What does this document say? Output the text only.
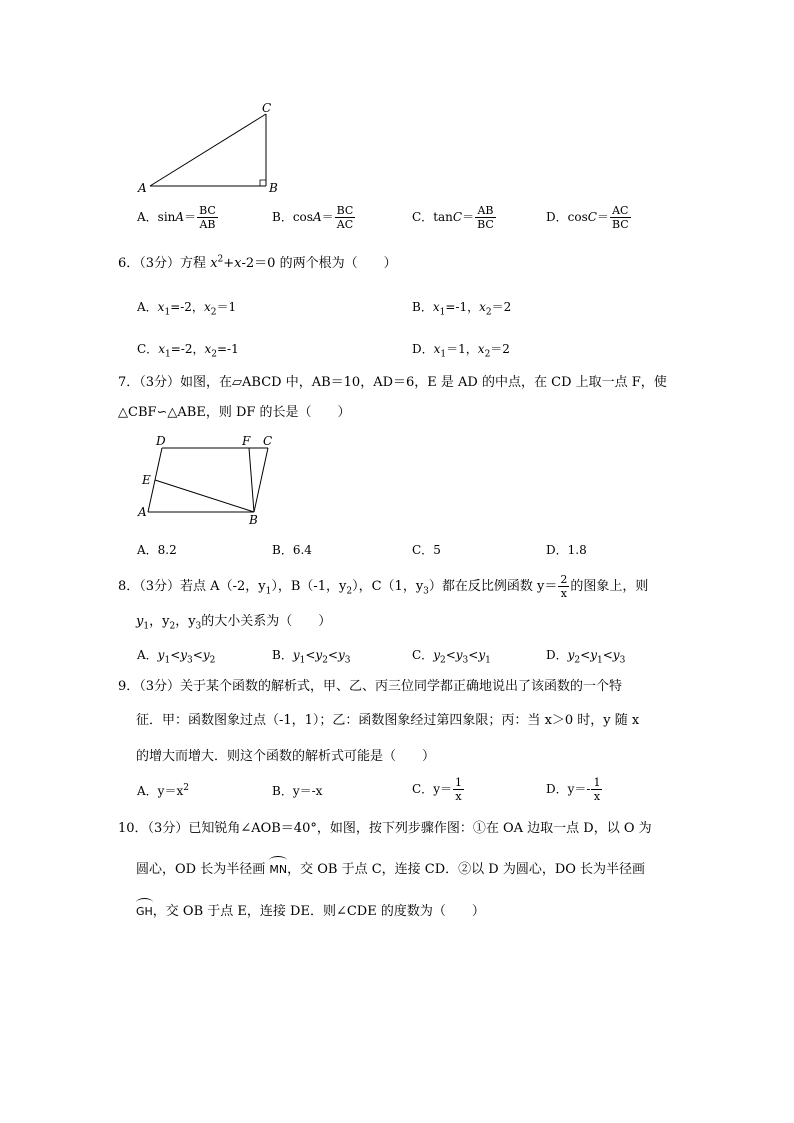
C
A	B
A．$\sin A= \frac{BC}{AB}$	B．$\cos A= \frac{BC}{AC}$	C．$\tan C= \frac{AB}{BC}$	D．$\cos C= \frac{AC}{BC}$
6．（3分）方程 $x^2+x-2=0$ 的两个根为（　　）
A．$x_1=-2$，$x_2=1$	B．$x_1=-1$，$x_2=2$
C．$x_1=-2$，$x_2=-1$	D．$x_1=1$，$x_2=2$
7．（3分）如图，在▱ABCD 中，AB＝10，AD＝6，E 是 AD 的中点，在 CD 上取一点 F，使
△CBF∽△ABE，则 DF 的长是（　　）
D	F C
E
A
B
A．8.2	B．6.4	C．5	D．1.8
8．（3分）若点 A（-2，$y_1$），B（-1，$y_2$），C（1，$y_3$）都在反比例函数 $y= \frac{2}{x}$ 的图象上，则
$y_1$，$y_2$，$y_3$的大小关系为（　　）
A．$y_1<y_3<y_2$	B．$y_1<y_2<y_3$	C．$y_2<y_3<y_1$	D．$y_2<y_1<y_3$
9．（3分）关于某个函数的解析式，甲、乙、丙三位同学都正确地说出了该函数的一个特
征．甲：函数图象过点（-1，1）；乙：函数图象经过第四象限；丙：当 x＞0 时，y 随 x
的增大而增大．则这个函数的解析式可能是（　　）
A．$y=x^2$	B．y＝-x	C．$y= \frac{1}{x}$	D．$y=- \frac{1}{x}$
10．（3分）已知锐角∠AOB＝40°，如图，按下列步骤作图：①在 OA 边取一点 D，以 O 为
圆心，OD 长为半径画 MN，交 OB 于点 C，连接 CD．②以 D 为圆心，DO 长为半径画
GH，交 OB 于点 E，连接 DE．则∠CDE 的度数为（　　）
